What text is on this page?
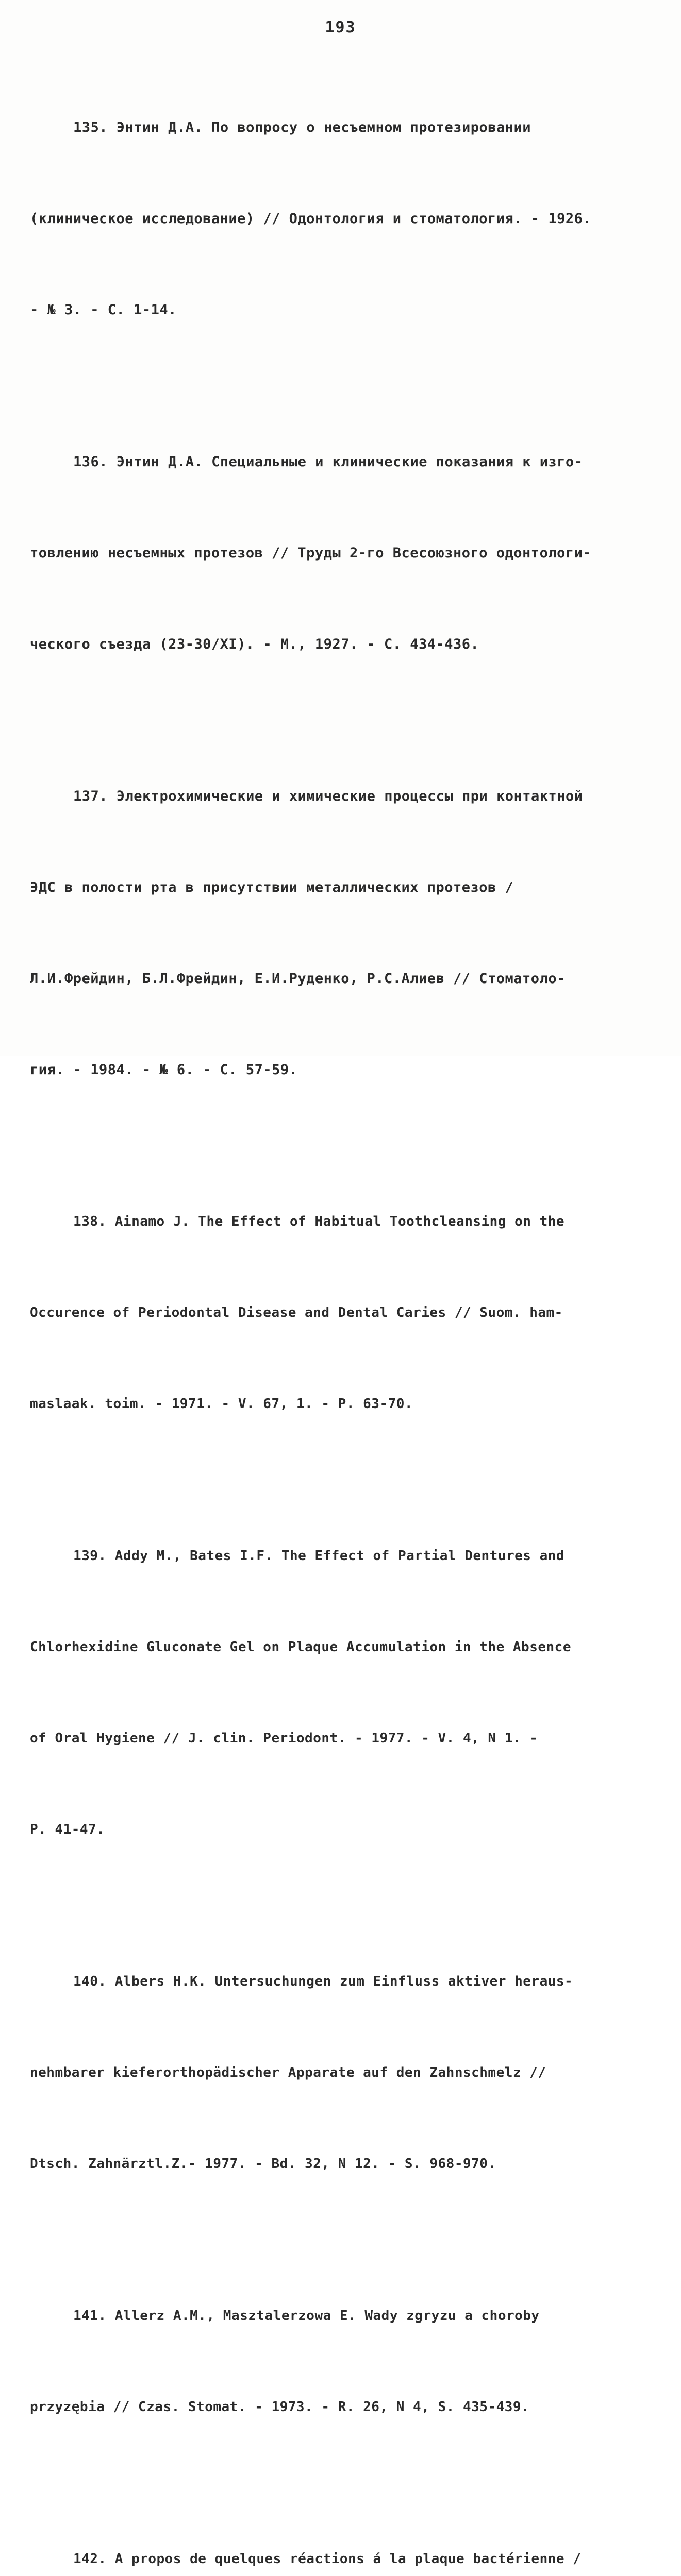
193

135. Энтин Д.А. По вопросу о несъемном протезировании

(клиническое исследование) // Одонтология и стоматология. - 1926.

- № 3. - С. 1-14.

136. Энтин Д.А. Специальные и клинические показания к изго-

товлению несъемных протезов // Труды 2-го Всесоюзного одонтологи-

ческого съезда (23-30/XI). - М., 1927. - С. 434-436.

137. Электрохимические и химические процессы при контактной

ЭДС в полости рта в присутствии металлических протезов /

Л.И.Фрейдин, Б.Л.Фрейдин, Е.И.Руденко, Р.С.Алиев // Стоматоло-

гия. - 1984. - № 6. - С. 57-59.

138. Ainamo J. The Effect of Habitual Toothcleansing on the

Occurence of Periodontal Disease and Dental Caries // Suom. ham-

maslaak. toim. - 1971. - V. 67, 1. - P. 63-70.

139. Addy M., Bates I.F. The Effect of Partial Dentures and

Chlorhexidine Gluconate Gel on Plaque Accumulation in the Absence

of Oral Hygiene // J. clin. Periodont. - 1977. - V. 4, N 1. -

P. 41-47.

140. Albers H.K. Untersuchungen zum Einfluss aktiver heraus-

nehmbarer kieferorthopädischer Apparate auf den Zahnschmelz //

Dtsch. Zahnärztl.Z.- 1977. - Bd. 32, N 12. - S. 968-970.

141. Allerz A.M., Masztalerzowa E. Wady zgryzu a choroby

przyzębia // Czas. Stomat. - 1973. - R. 26, N 4, S. 435-439.

142. A propos de quelques réactions á la plaque bactérienne /
